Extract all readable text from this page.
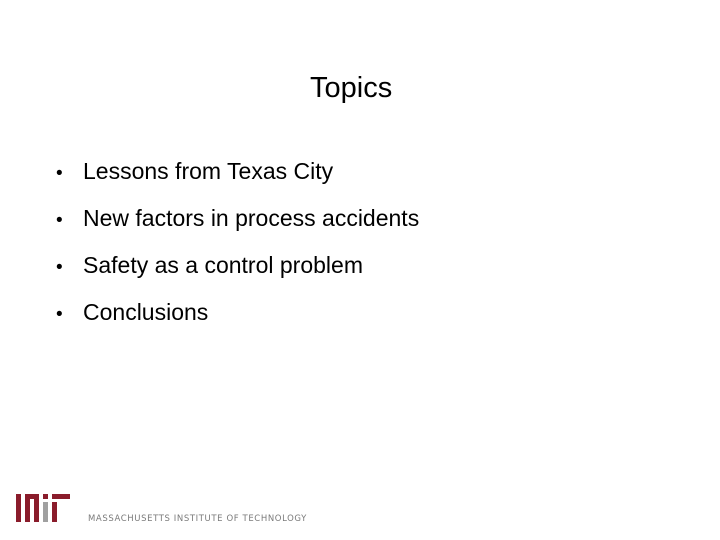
Topics
• Lessons from Texas City
• New factors in process accidents
• Safety as a control problem
• Conclusions
MASSACHUSETTS INSTITUTE OF TECHNOLOGY
